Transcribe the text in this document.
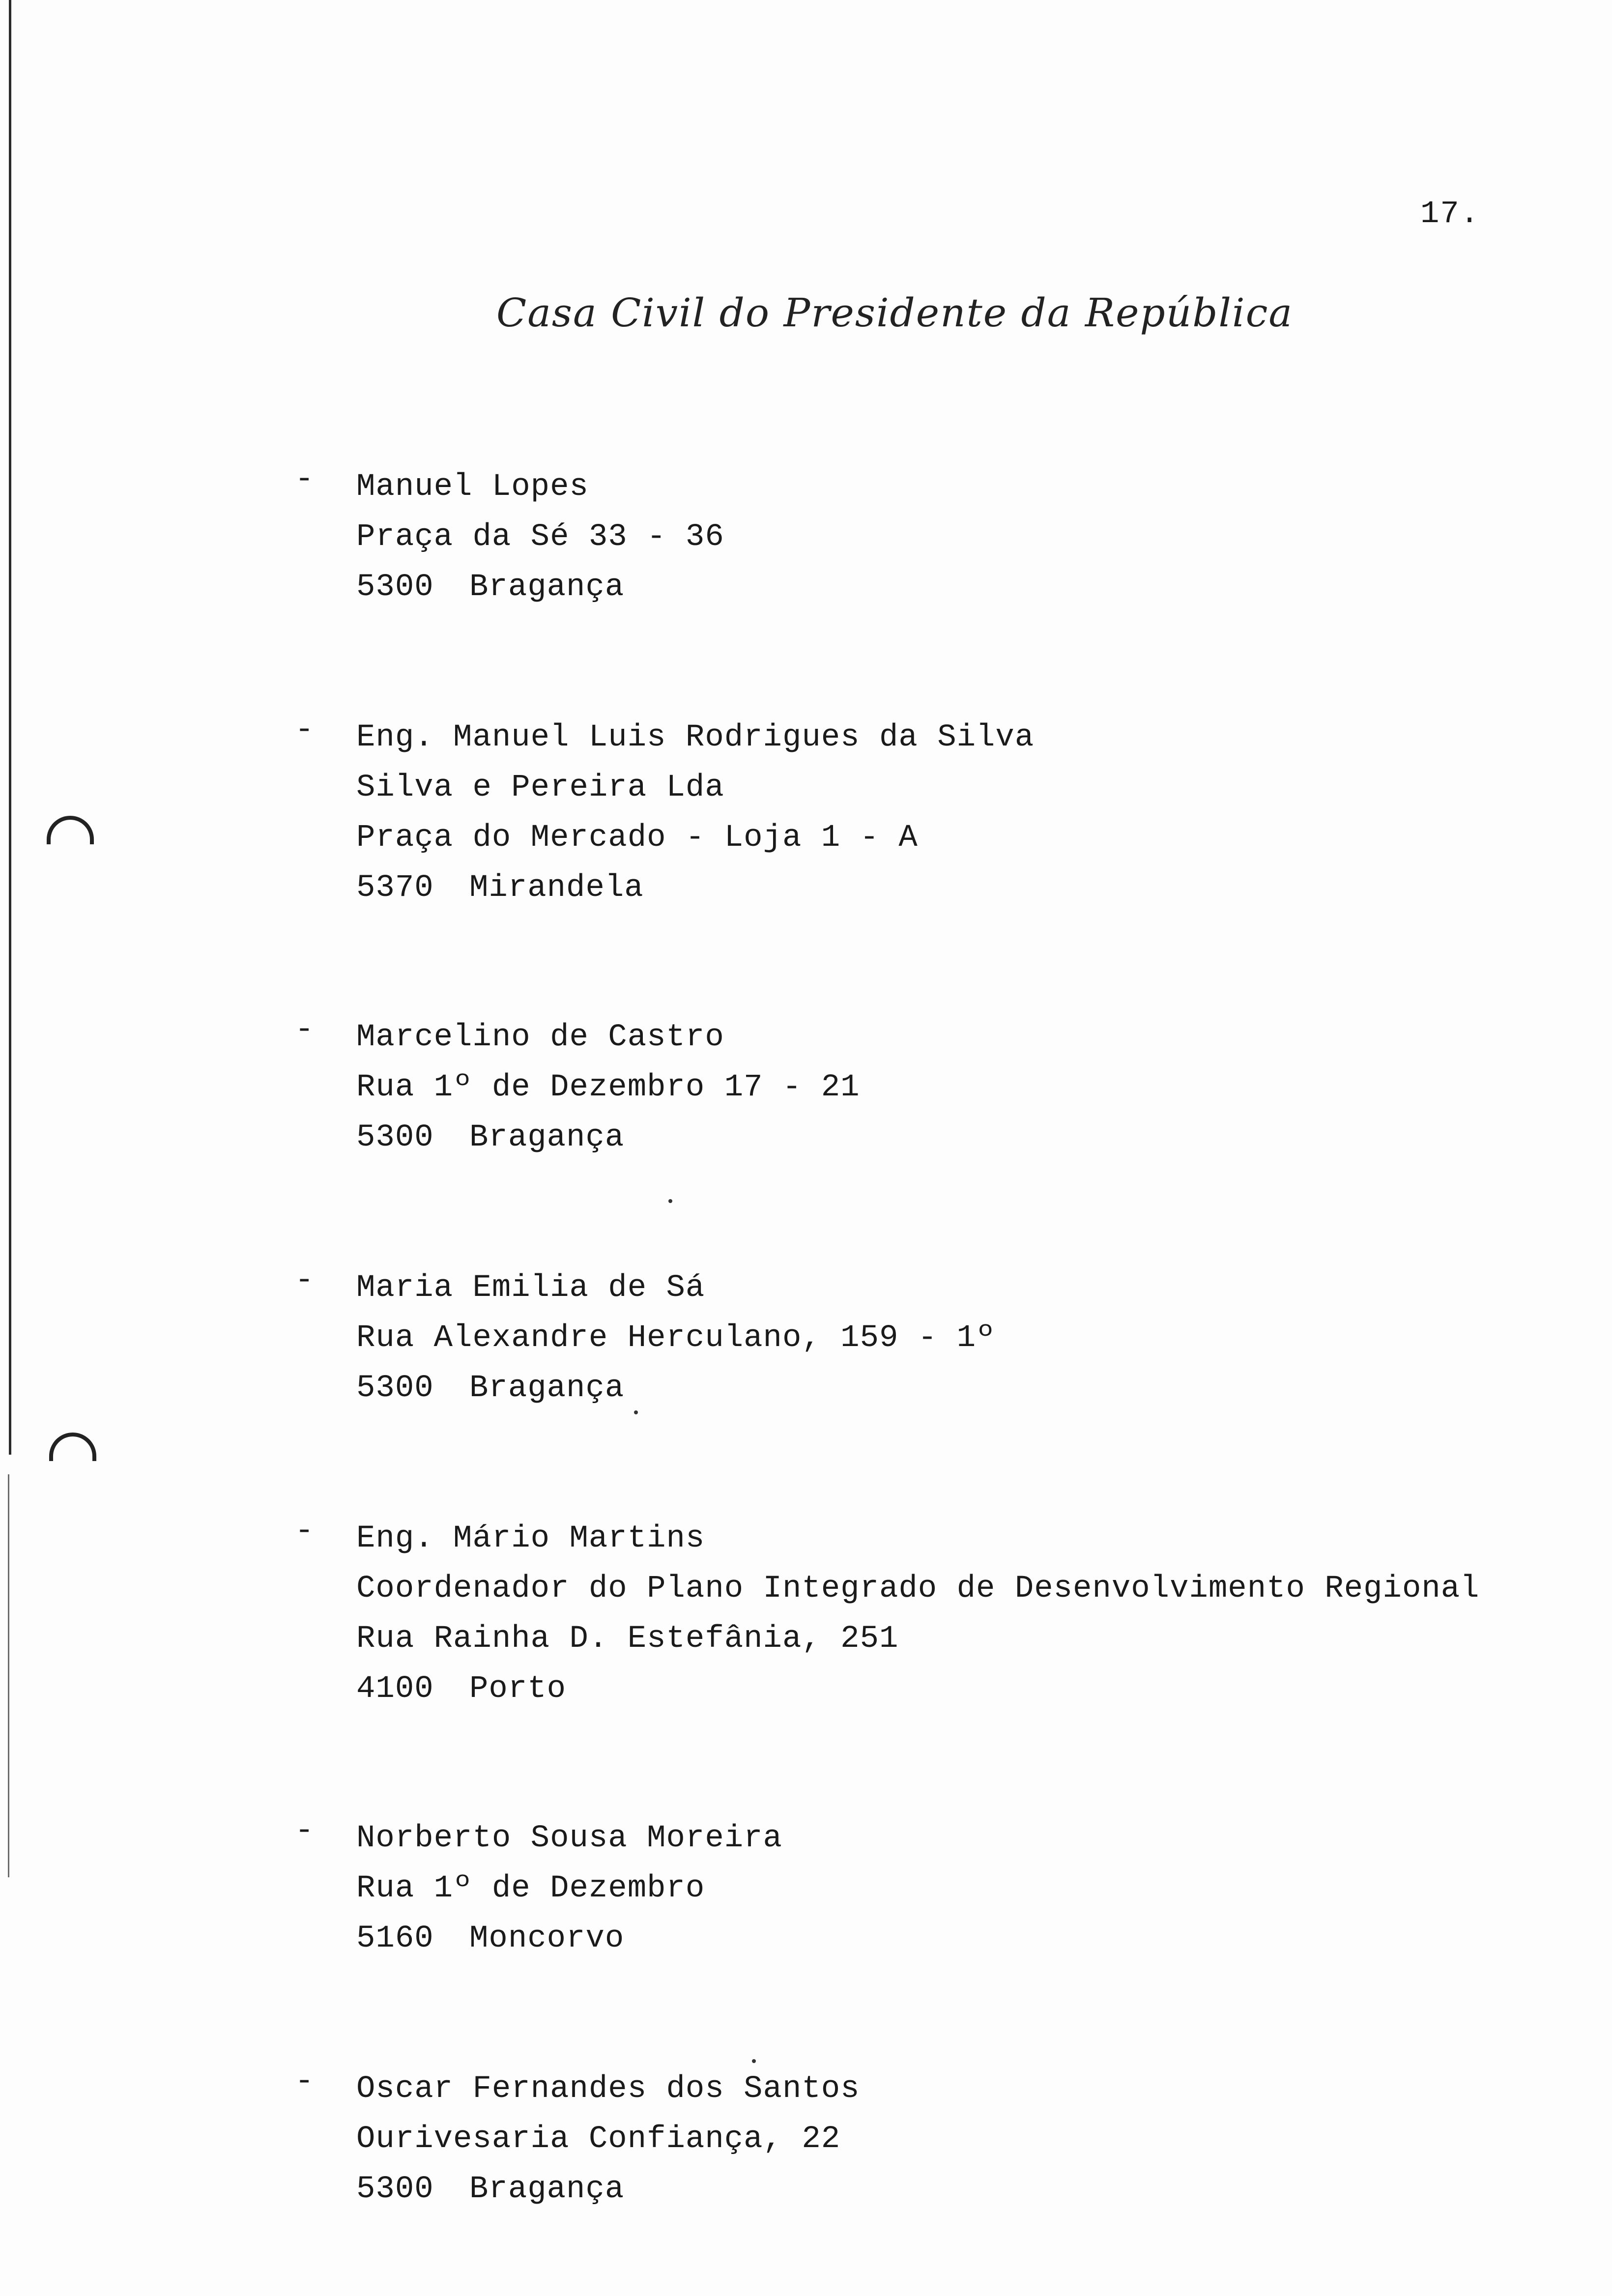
17.
Casa Civil do Presidente da República
- Manuel Lopes
Praça da Sé 33 - 36
5300 Bragança
- Eng. Manuel Luis Rodrigues da Silva
Silva e Pereira Lda
Praça do Mercado - Loja 1 - A
5370 Mirandela
- Marcelino de Castro
Rua 1º de Dezembro 17 - 21
5300 Bragança
- Maria Emilia de Sá
Rua Alexandre Herculano, 159 - 1º
5300 Bragança
- Eng. Mário Martins
Coordenador do Plano Integrado de Desenvolvimento Regional
Rua Rainha D. Estefânia, 251
4100 Porto
- Norberto Sousa Moreira
Rua 1º de Dezembro
5160 Moncorvo
- Oscar Fernandes dos Santos
Ourivesaria Confiança, 22
5300 Bragança
